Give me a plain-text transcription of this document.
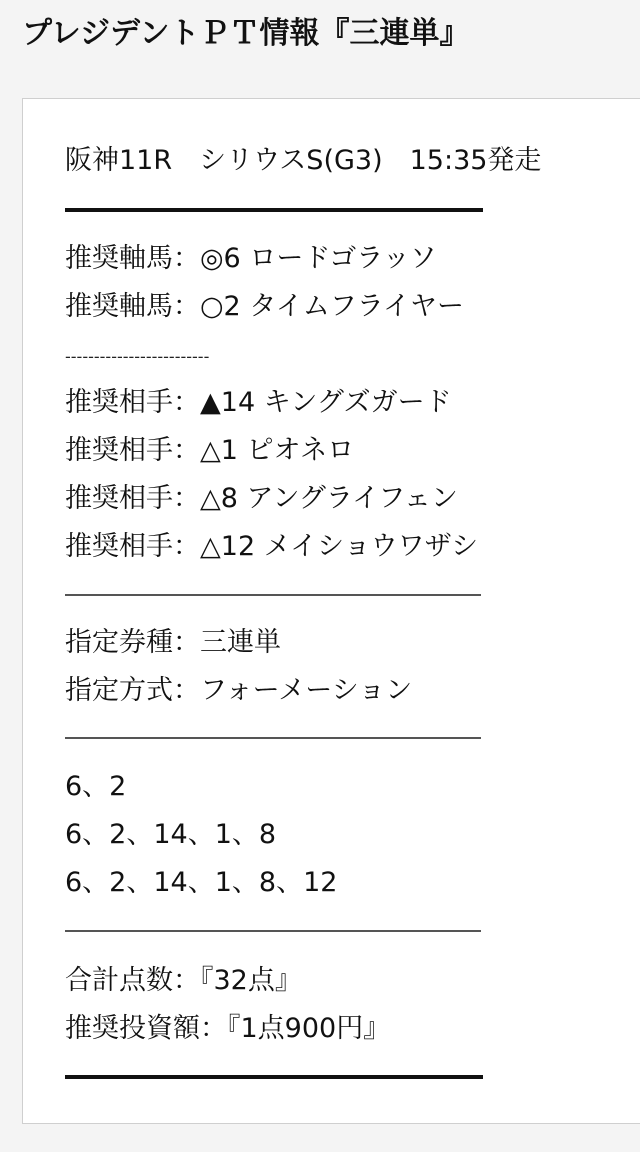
プレジデントＰＴ情報『三連単』
阪神11R　シリウスS(G3)　15:35発走
推奨軸馬：◎6 ロードゴラッソ
推奨軸馬：○2 タイムフライヤー
-------------------------
推奨相手：▲14 キングズガード
推奨相手：△1 ピオネロ
推奨相手：△8 アングライフェン
推奨相手：△12 メイショウワザシ
指定券種：三連単
指定方式：フォーメーション
6、2
6、2、14、1、8
6、2、14、1、8、12
合計点数：『32点』
推奨投資額：『1点900円』
